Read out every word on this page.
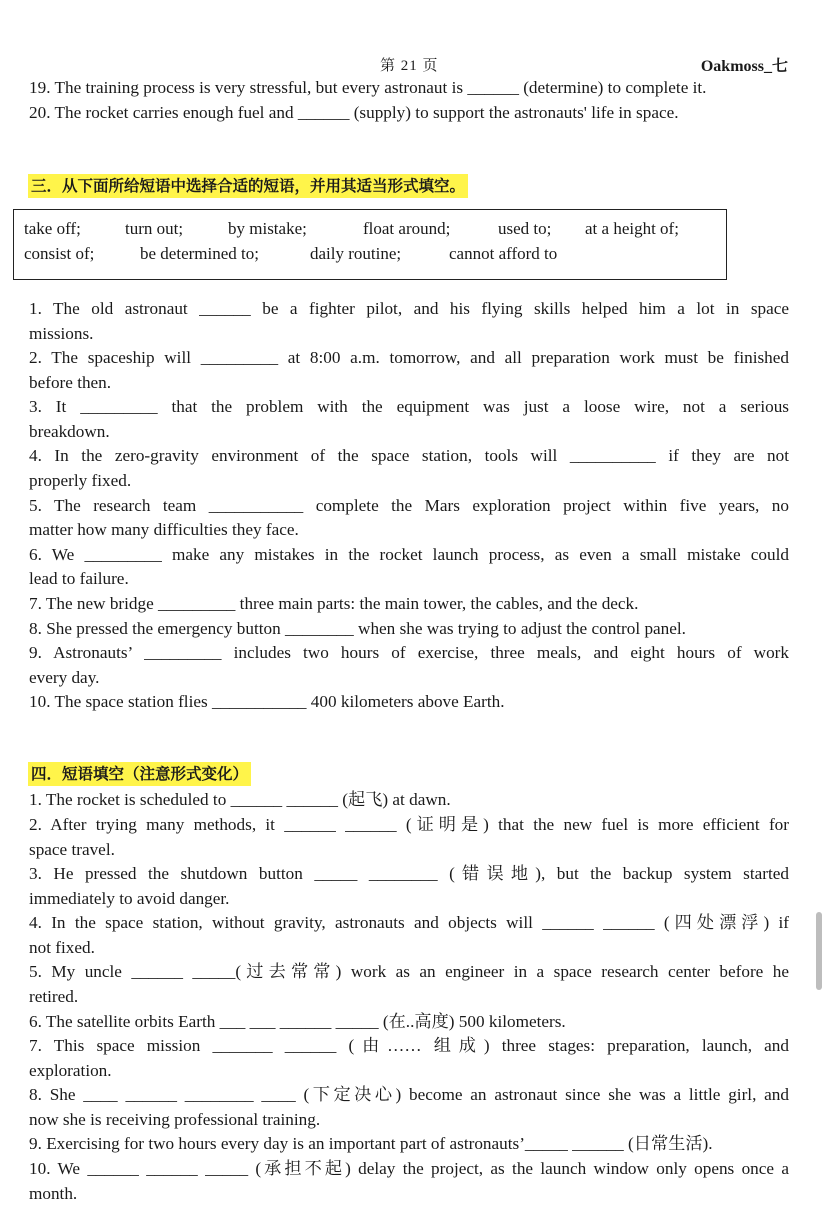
第 21 页	Oakmoss_七
19. The training process is very stressful, but every astronaut is ______ (determine) to complete it.
20. The rocket carries enough fuel and ______ (supply) to support the astronauts' life in space.
三．从下面所给短语中选择合适的短语，并用其适当形式填空。
take off;	turn out;	by mistake;	float around;	used to; at a height of;
consist of;	be determined to;	daily routine;	cannot afford to
1. The old astronaut ______ be a fighter pilot, and his flying skills helped him a lot in space
missions.
2. The spaceship will _________ at 8:00 a.m. tomorrow, and all preparation work must be finished
before then.
3. It _________ that the problem with the equipment was just a loose wire, not a serious
breakdown.
4. In the zero-gravity environment of the space station, tools will __________ if they are not
properly fixed.
5. The research team ___________ complete the Mars exploration project within five years, no
matter how many difficulties they face.
6. We _________ make any mistakes in the rocket launch process, as even a small mistake could
lead to failure.
7. The new bridge _________ three main parts: the main tower, the cables, and the deck.
8. She pressed the emergency button ________ when she was trying to adjust the control panel.
9. Astronauts’ _________ includes two hours of exercise, three meals, and eight hours of work
every day.
10. The space station flies ___________ 400 kilometers above Earth.
四．短语填空（注意形式变化）
1. The rocket is scheduled to ______ ______ (起飞) at dawn.
2. After trying many methods, it ______ ______ (证明是) that the new fuel is more efficient for
space travel.
3. He pressed the shutdown button _____ ________ (错误地), but the backup system started
immediately to avoid danger.
4. In the space station, without gravity, astronauts and objects will ______ ______ (四处漂浮) if
not fixed.
5. My uncle ______ _____(过去常常) work as an engineer in a space research center before he
retired.
6. The satellite orbits Earth ___ ___ ______ _____ (在..高度) 500 kilometers.
7. This space mission _______ ______ (由…… 组成) three stages: preparation, launch, and
exploration.
8. She ____ ______ ________ ____ (下定决心) become an astronaut since she was a little girl, and
now she is receiving professional training.
9. Exercising for two hours every day is an important part of astronauts’_____ ______ (日常生活).
10. We ______ ______ _____ (承担不起) delay the project, as the launch window only opens once a
month.
